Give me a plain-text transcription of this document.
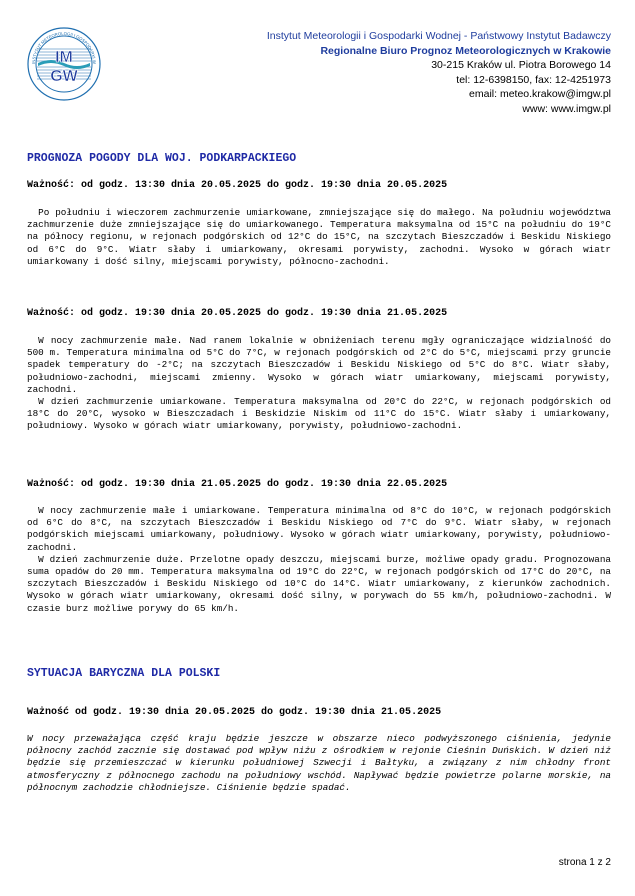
IM
GW
INSTYTUT METEOROLOGII I GOSPODARKI W
Instytut Meteorologii i Gospodarki Wodnej - Państwowy Instytut Badawczy
Regionalne Biuro Prognoz Meteorologicznych w Krakowie
30-215 Kraków ul. Piotra Borowego 14
tel: 12-6398150, fax: 12-4251973
email: meteo.krakow@imgw.pl
www: www.imgw.pl
PROGNOZA POGODY DLA WOJ. PODKARPACKIEGO
Ważność: od godz. 13:30 dnia 20.05.2025 do godz. 19:30 dnia 20.05.2025

Po południu i wieczorem zachmurzenie umiarkowane, zmniejszające się do małego. Na południu województwa zachmurzenie duże zmniejszające się do umiarkowanego. Temperatura maksymalna od 15°C na południu do 19°C na północy regionu, w rejonach podgórskich od 12°C do 15°C, na szczytach Bieszczadów i Beskidu Niskiego od 6°C do 9°C. Wiatr słaby i umiarkowany, okresami porywisty, zachodni. Wysoko w górach wiatr umiarkowany i dość silny, miejscami porywisty, północno-zachodni.

Ważność: od godz. 19:30 dnia 20.05.2025 do godz. 19:30 dnia 21.05.2025

W nocy zachmurzenie małe. Nad ranem lokalnie w obniżeniach terenu mgły ograniczające widzialność do 500 m. Temperatura minimalna od 5°C do 7°C, w rejonach podgórskich od 2°C do 5°C, miejscami przy gruncie spadek temperatury do -2°C; na szczytach Bieszczadów i Beskidu Niskiego od 5°C do 8°C. Wiatr słaby, południowo-zachodni, miejscami zmienny. Wysoko w górach wiatr umiarkowany, miejscami porywisty, zachodni.

W dzień zachmurzenie umiarkowane. Temperatura maksymalna od 20°C do 22°C, w rejonach podgórskich od 18°C do 20°C, wysoko w Bieszczadach i Beskidzie Niskim od 11°C do 15°C. Wiatr słaby i umiarkowany, południowy. Wysoko w górach wiatr umiarkowany, porywisty, południowo-zachodni.

Ważność: od godz. 19:30 dnia 21.05.2025 do godz. 19:30 dnia 22.05.2025

W nocy zachmurzenie małe i umiarkowane. Temperatura minimalna od 8°C do 10°C, w rejonach podgórskich od 6°C do 8°C, na szczytach Bieszczadów i Beskidu Niskiego od 7°C do 9°C. Wiatr słaby, w rejonach podgórskich miejscami umiarkowany, południowy. Wysoko w górach wiatr umiarkowany, porywisty, południowo-zachodni.

W dzień zachmurzenie duże. Przelotne opady deszczu, miejscami burze, możliwe opady gradu. Prognozowana suma opadów do 20 mm. Temperatura maksymalna od 19°C do 22°C, w rejonach podgórskich od 17°C do 20°C, na szczytach Bieszczadów i Beskidu Niskiego od 10°C do 14°C. Wiatr umiarkowany, z kierunków zachodnich. Wysoko w górach wiatr umiarkowany, okresami dość silny, w porywach do 55 km/h, południowo-zachodni. W czasie burz możliwe porywy do 65 km/h.

SYTUACJA BARYCZNA DLA POLSKI
Ważność od godz. 19:30 dnia 20.05.2025 do godz. 19:30 dnia 21.05.2025

W nocy przeważająca część kraju będzie jeszcze w obszarze nieco podwyższonego ciśnienia, jedynie północny zachód zacznie się dostawać pod wpływ niżu z ośrodkiem w rejonie Cieśnin Duńskich. W dzień niż będzie się przemieszczać w kierunku południowej Szwecji i Bałtyku, a związany z nim chłodny front atmosferyczny z północnego zachodu na południowy wschód. Napływać będzie powietrze polarne morskie, na północnym zachodzie chłodniejsze. Ciśnienie będzie spadać.

strona 1 z 2
